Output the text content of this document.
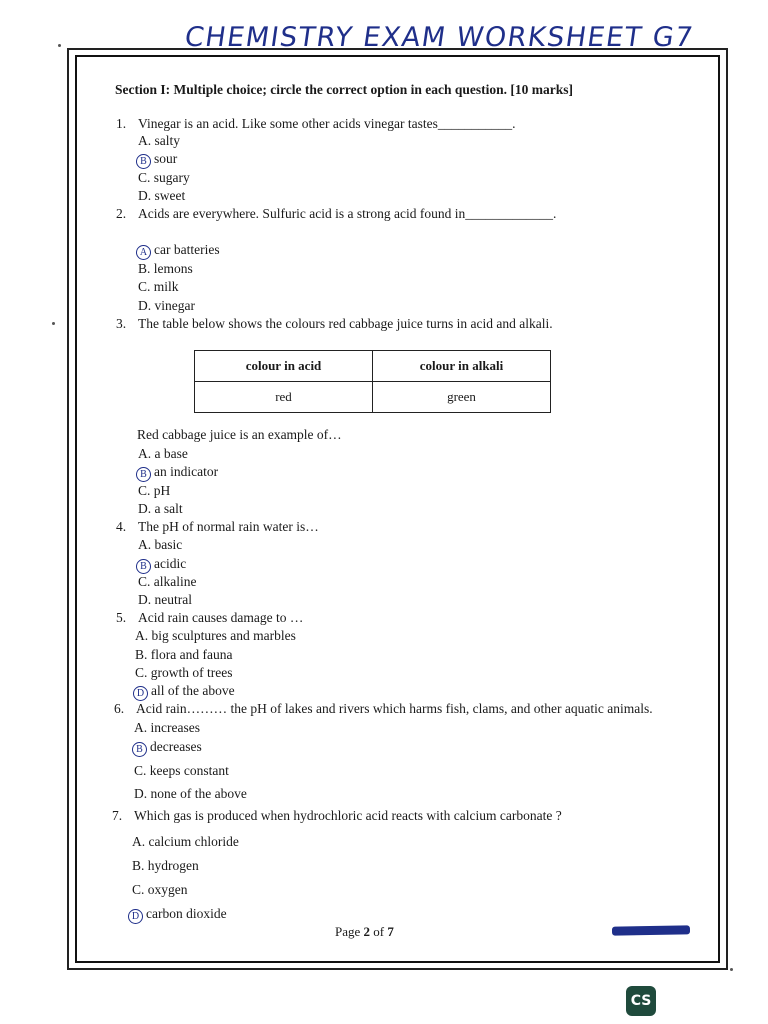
CHEMISTRY EXAM WORKSHEET G7
Section I: Multiple choice; circle the correct option in each question. [10 marks]
1. Vinegar is an acid. Like some other acids vinegar tastes___________.
A. salty
B sour
C. sugary
D. sweet
2. Acids are everywhere. Sulfuric acid is a strong acid found in_____________.
A car batteries
B. lemons
C. milk
D. vinegar
3. The table below shows the colours red cabbage juice turns in acid and alkali.
colour in acid	colour in alkali
red	green
Red cabbage juice is an example of…
A. a base
B an indicator
C. pH
D. a salt
4. The pH of normal rain water is…
A. basic
B acidic
C. alkaline
D. neutral
5. Acid rain causes damage to …
A. big sculptures and marbles
B. flora and fauna
C. growth of trees
D all of the above
6. Acid rain……… the pH of lakes and rivers which harms fish, clams, and other aquatic animals.
A. increases
B decreases
C. keeps constant
D. none of the above
7. Which gas is produced when hydrochloric acid reacts with calcium carbonate ?
A. calcium chloride
B. hydrogen
C. oxygen
D carbon dioxide
Page 2 of 7
CS
